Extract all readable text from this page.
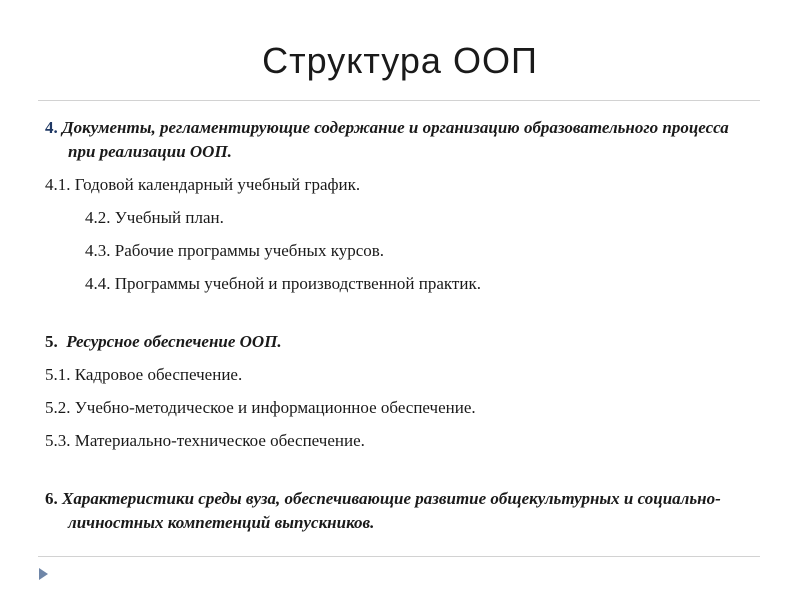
Структура ООП

4. Документы, регламентирующие содержание и организацию образовательного процесса при реализации ООП.

4.1. Годовой календарный учебный график.

4.2. Учебный план.

4.3. Рабочие программы учебных курсов.

4.4. Программы учебной и производственной практик.

5. Ресурсное обеспечение ООП.

5.1. Кадровое обеспечение.

5.2. Учебно-методическое и информационное обеспечение.

5.3. Материально-техническое обеспечение.

6. Характеристики среды вуза, обеспечивающие развитие общекультурных и социально-личностных компетенций выпускников.
